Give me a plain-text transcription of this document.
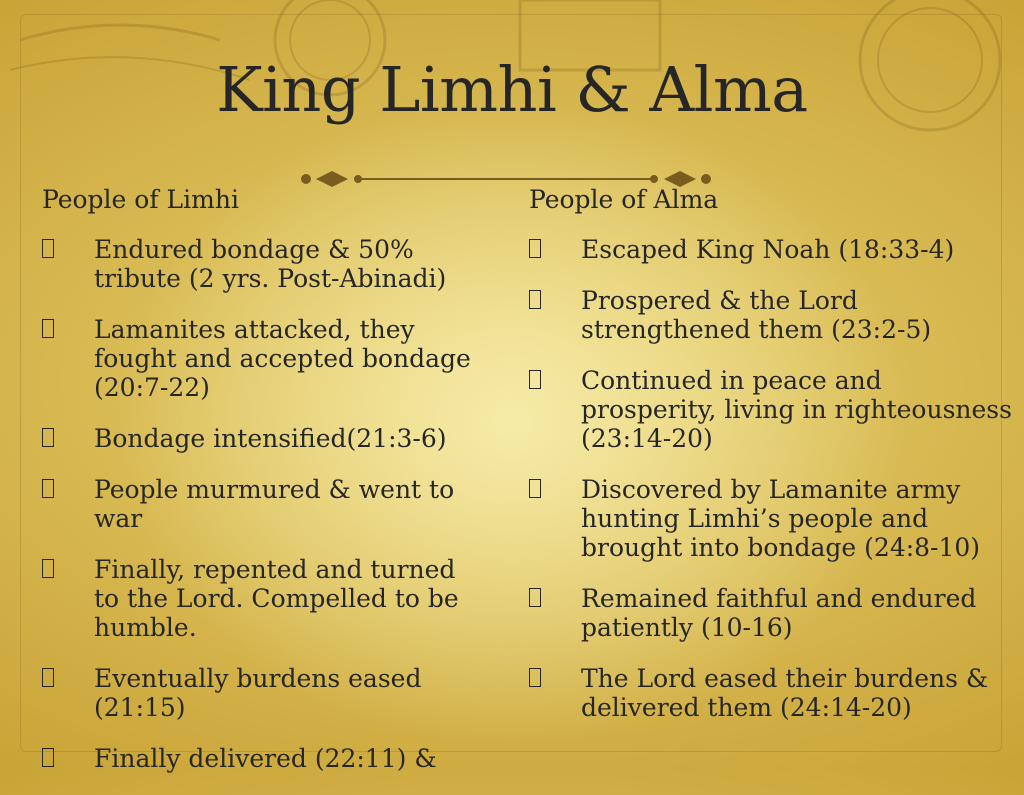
King Limhi & Alma
People of Limhi
Endured bondage & 50%
tribute (2 yrs. Post-Abinadi)
Lamanites attacked, they
fought and accepted bondage
(20:7-22)
Bondage intensified(21:3-6)
People murmured & went to
war
Finally, repented and turned
to the Lord. Compelled to be
humble.
Eventually burdens eased
(21:15)
Finally delivered (22:11) &
People of Alma
Escaped King Noah (18:33-4)
Prospered & the Lord
strengthened them (23:2-5)
Continued in peace and
prosperity, living in righteousness
(23:14-20)
Discovered by Lamanite army
hunting Limhi’s people and
brought into bondage (24:8-10)
Remained faithful and endured
patiently (10-16)
The Lord eased their burdens &
delivered them (24:14-20)
